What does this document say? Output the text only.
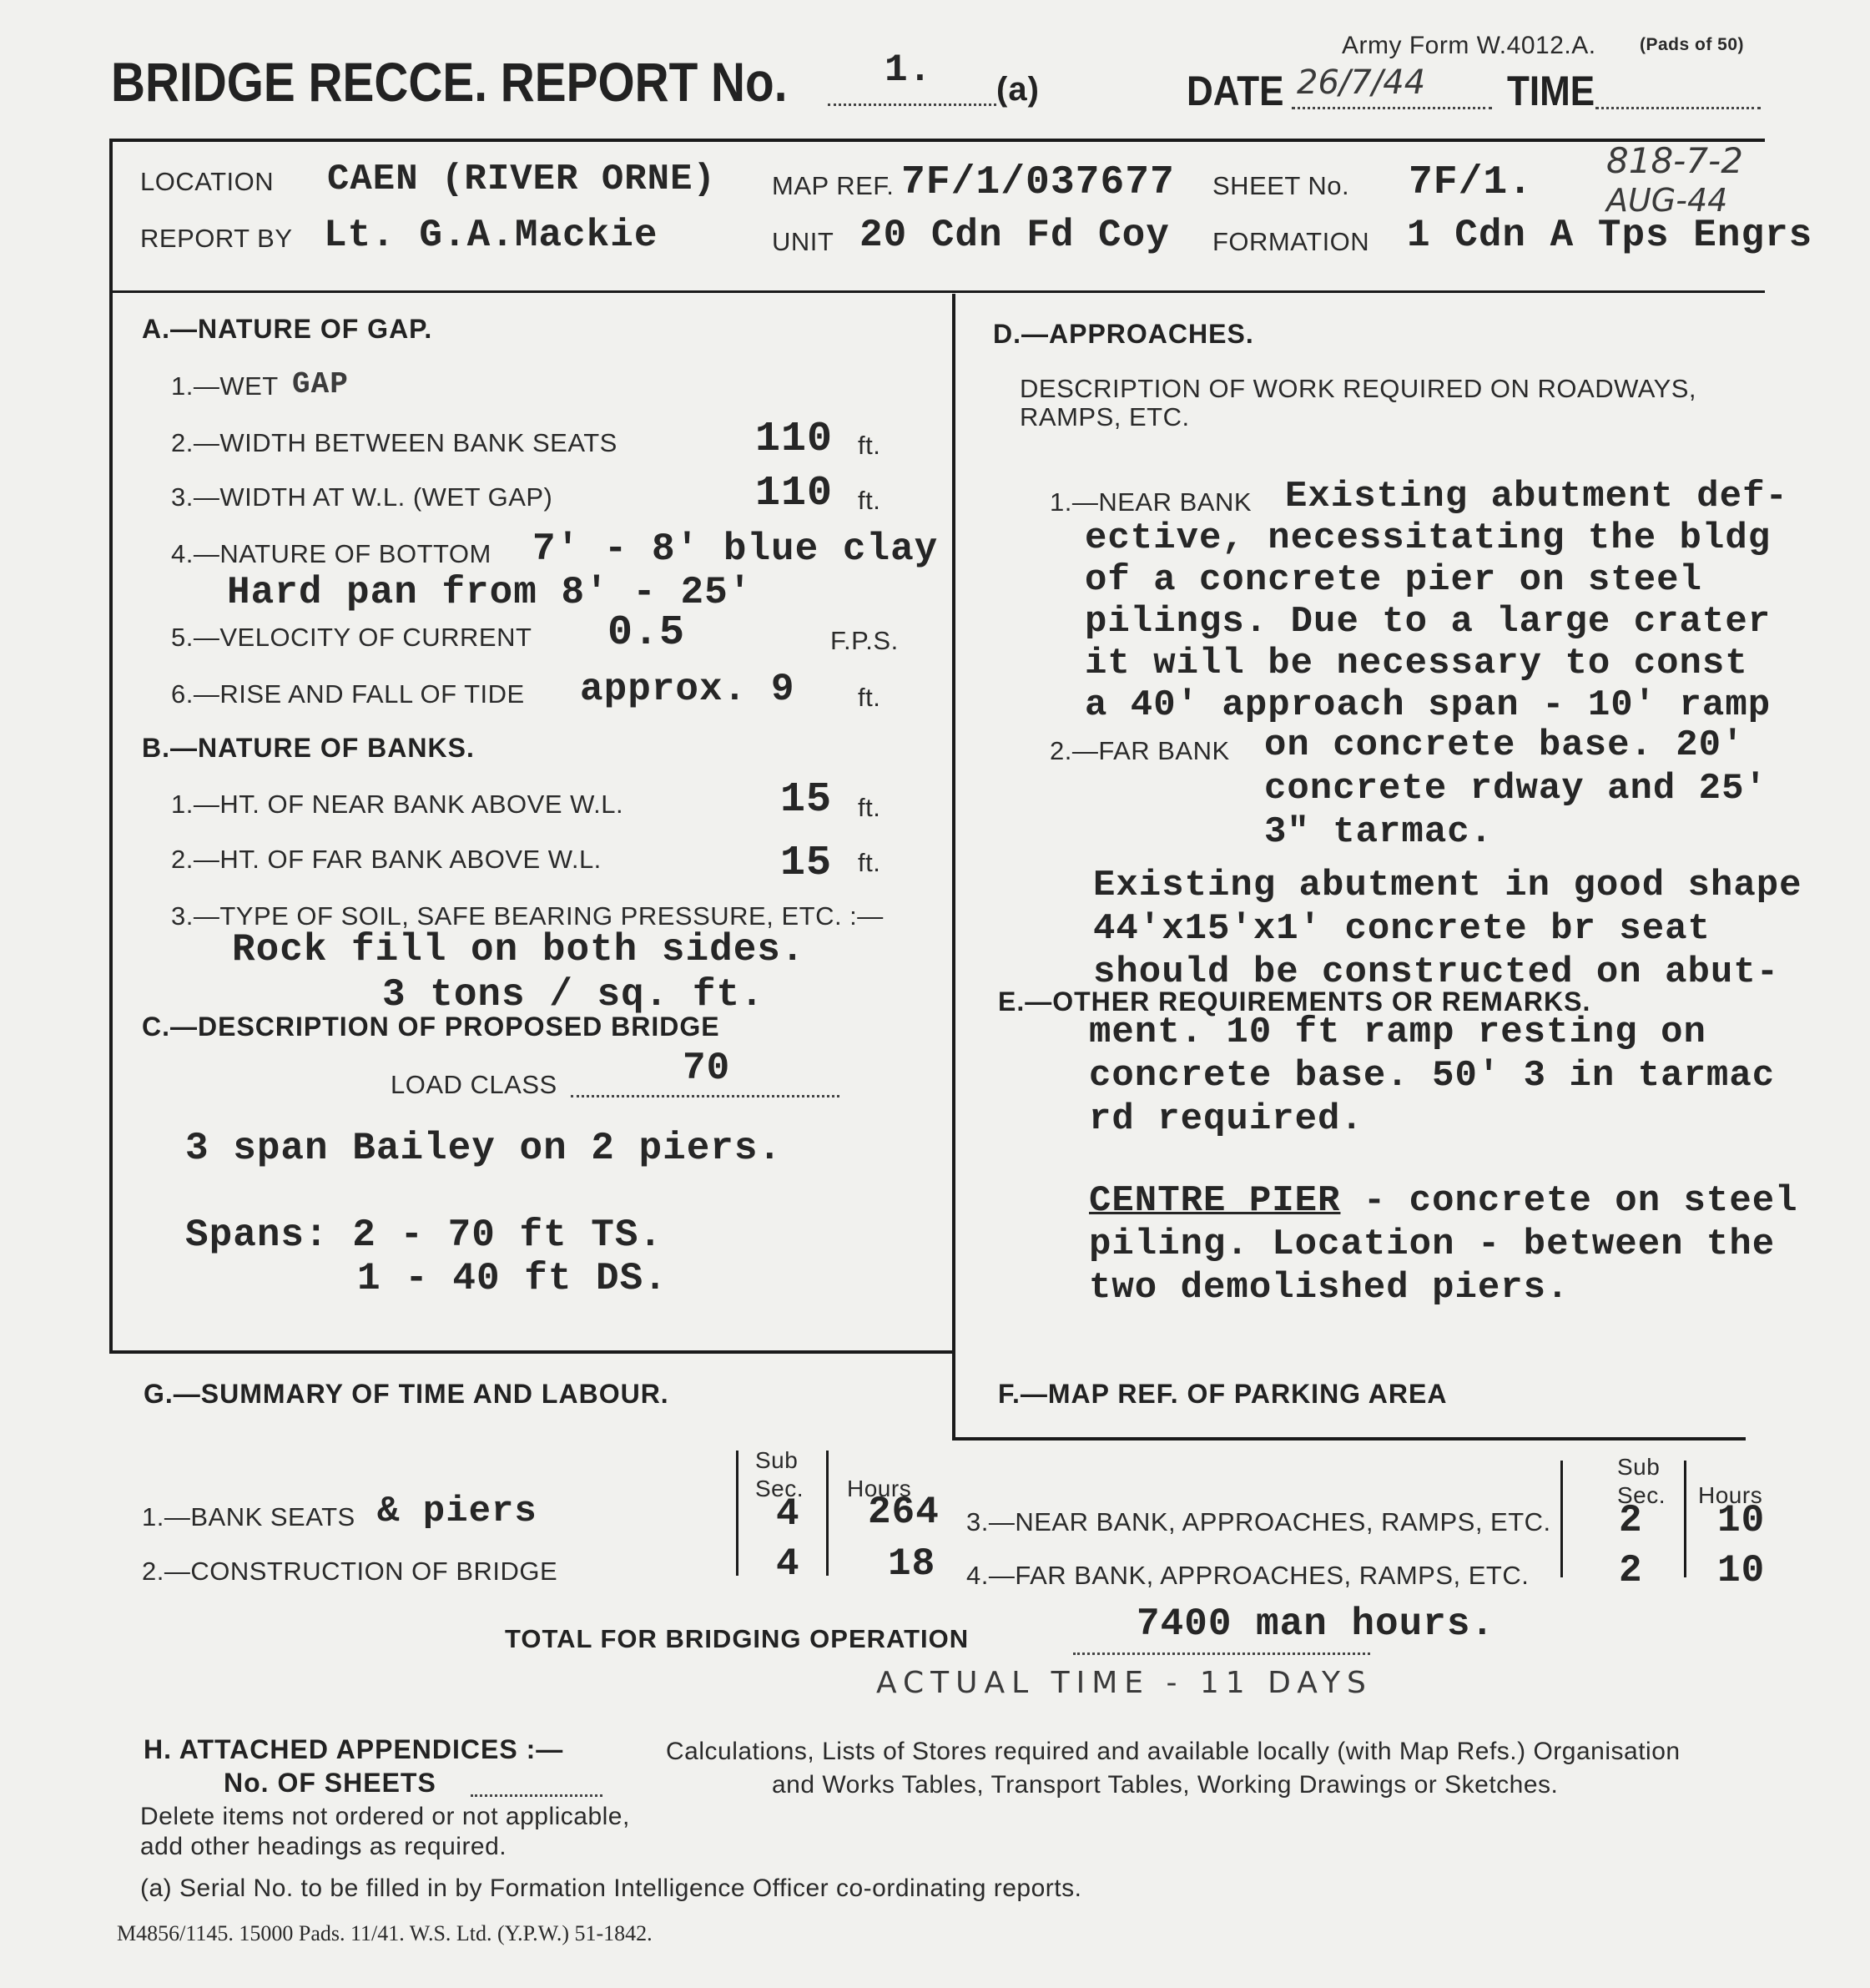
Army Form W.4012.A. (Pads of 50)
BRIDGE RECCE. REPORT No.	1. (a)	DATE 26/7/44 TIME
818-7-2
AUG-44
LOCATION CAEN (RIVER ORNE) MAP REF. 7F/1/037677 SHEET No. 7F/1.
REPORT BY Lt. G.A.Mackie	UNIT 20 Cdn Fd Coy FORMATION 1 Cdn A Tps Engrs
A.—NATURE OF GAP.
1.—WET GAP
2.—WIDTH BETWEEN BANK SEATS	110 ft.
3.—WIDTH AT W.L. (WET GAP)	110 ft.
4.—NATURE OF BOTTOM 7' - 8' blue clay
Hard pan from 8' - 25'
5.—VELOCITY OF CURRENT 0.5	F.P.S.
6.—RISE AND FALL OF TIDE approx. 9 ft.
B.—NATURE OF BANKS.
1.—HT. OF NEAR BANK ABOVE W.L.	15 ft.
2.—HT. OF FAR BANK ABOVE W.L.	15 ft.
3.—TYPE OF SOIL, SAFE BEARING PRESSURE, ETC. :—
Rock fill on both sides.
3 tons / sq. ft.
C.—DESCRIPTION OF PROPOSED BRIDGE
LOAD CLASS	70
3 span Bailey on 2 piers.
Spans: 2 - 70 ft TS.
1 - 40 ft DS.
D.—APPROACHES.
DESCRIPTION OF WORK REQUIRED ON ROADWAYS,
RAMPS, ETC.
1.—NEAR BANK Existing abutment def-
ective, necessitating the bldg
of a concrete pier on steel
pilings. Due to a large crater
it will be necessary to const
a 40' approach span - 10' ramp
2.—FAR BANK on concrete base. 20'
concrete rdway and 25'
3" tarmac.
Existing abutment in good shape
44'x15'x1' concrete br seat
should be constructed on abut-
E.—OTHER REQUIREMENTS OR REMARKS.
ment. 10 ft ramp resting on
concrete base. 50' 3 in tarmac
rd required.
CENTRE PIER - concrete on steel
piling. Location - between the
two demolished piers.
F.—MAP REF. OF PARKING AREA
G.—SUMMARY OF TIME AND LABOUR.
Sub
Sec. Hours
Sub
Sec. Hours
1.—BANK SEATS & piers	4 264
2.—CONSTRUCTION OF BRIDGE	4 18
3.—NEAR BANK, APPROACHES, RAMPS, ETC. 2 10
4.—FAR BANK, APPROACHES, RAMPS, ETC. 2 10
TOTAL FOR BRIDGING OPERATION	7400 man hours.
ACTUAL TIME - 11 DAYS
H. ATTACHED APPENDICES :—
No. OF SHEETS
Delete items not ordered or not applicable,
add other headings as required.
Calculations, Lists of Stores required and available locally (with Map Refs.) Organisation
and Works Tables, Transport Tables, Working Drawings or Sketches.
(a) Serial No. to be filled in by Formation Intelligence Officer co-ordinating reports.
M4856/1145. 15000 Pads. 11/41. W.S. Ltd. (Y.P.W.) 51-1842.
